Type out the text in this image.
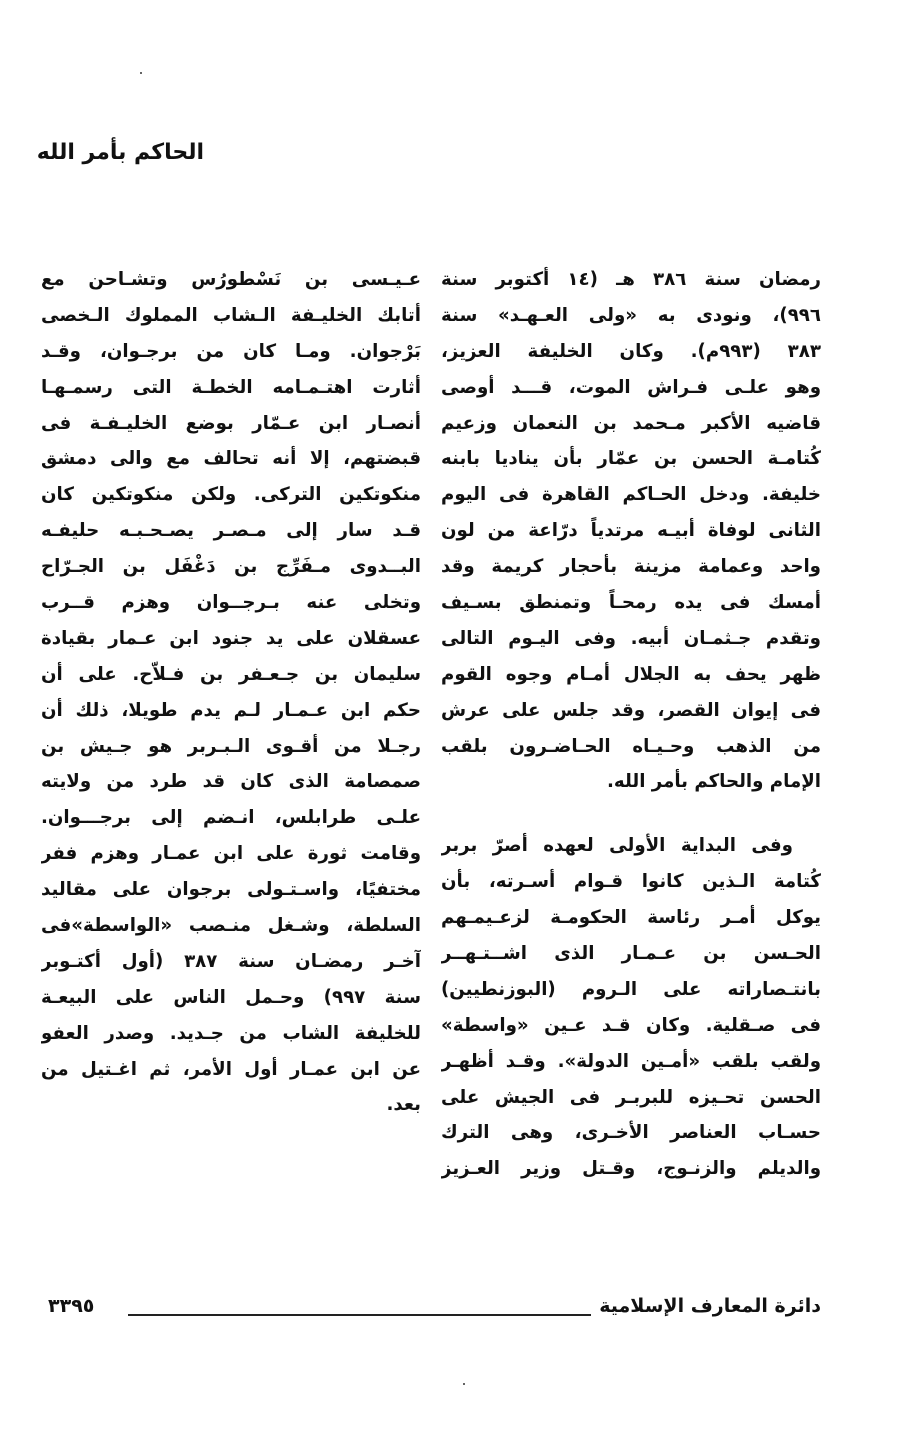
الحاكم بأمر الله
رمضان سنة ٣٨٦ هـ (١٤ أكتوبر سنة
٩٩٦)، ونودى به «ولى العـهـد» سنة
٣٨٣ (٩٩٣م). وكان الخليفة العزيز،
وهو علـى فـراش الموت، قـــد أوصى
قاضيه الأكبر مـحمد بن النعمان وزعيم
كُتامـة الحسن بن عمّار بأن ينادیا بابنه
خليفة. ودخل الحـاكم القاهرة فى اليوم
الثانى لوفاة أبيـه مرتدياً درّاعة من لون
واحد وعمامة مزينة بأحجار كريمة وقد
أمسك فى يده رمحـاً وتمنطق بسـيف
وتقدم جـثمـان أبيه. وفى اليـوم التالى
ظهر يحف به الجلال أمـام وجوه القوم
فى إيوان القصر، وقد جلس على عرش
من الذهب وحـيـاه الحـاضـرون بلقب
الإمام والحاكم بأمر الله.
وفى البداية الأولى لعهده أصرّ بربر
كُتامة الـذين كانوا قـوام أسـرته، بأن
يوكل أمـر رئاسة الحكومـة لزعـيمـهم
الحـسن بن عـمـار الذى اشــتـهــر
بانتـصاراته على الـروم (البوزنطيين)
فى صـقلية. وكان قـد عـين «واسطة»
ولقب بلقب «أمـين الدولة». وقـد أظهـر
الحسن تحـيزه للبربـر فى الجيش على
حسـاب العناصر الأخـرى، وهى الترك
والديلم والزنـوج، وقـتل وزير العـزيز
عـيـسى بن نَسْطورُس وتشـاحن مع
أتابك الخليـفة الـشاب المملوك الـخصى
بَرْجوان. ومـا كان من برجـوان، وقـد
أثارت اهتـمـامه الخطـة التى رسمـهـا
أنصـار ابن عـمّار بوضع الخليـفـة فى
قبضتهم، إلا أنه تحالف مع والى دمشق
منكوتكين التركى. ولكن منكوتكين كان
قـد سار إلى مـصـر يصـحـبـه حليفـه
البــدوى مـفَرِّج بن دَغْفَل بن الجـرّاح
وتخلى عنه بـرجــوان وهزم قــرب
عسقلان على يد جنود ابن عـمار بقيادة
سليمان بن جـعـفر بن فـلاّح. على أن
حكم ابن عـمـار لـم يدم طويلا، ذلك أن
رجـلا من أقـوى الـبـربر هو جـيش بن
صمصامة الذى كان قد طرد من ولايته
علـى طرابلس، انـضم إلى برجـــوان.
وقامت ثورة على ابن عمـار وهزم ففر
مختفيًا، واسـتـولى برجوان على مقاليد
السلطة، وشـغل منـصب «الواسطة»فى
آخـر رمضـان سنة ٣٨٧ (أول أكتـوبر
سنة ٩٩٧) وحـمل الناس على البيعـة
للخليفة الشاب من جـديد. وصدر العفو
عن ابن عمـار أول الأمر، ثم اغـتيل من
بعد.
دائرة المعارف الإسلامية
٣٣٩٥
